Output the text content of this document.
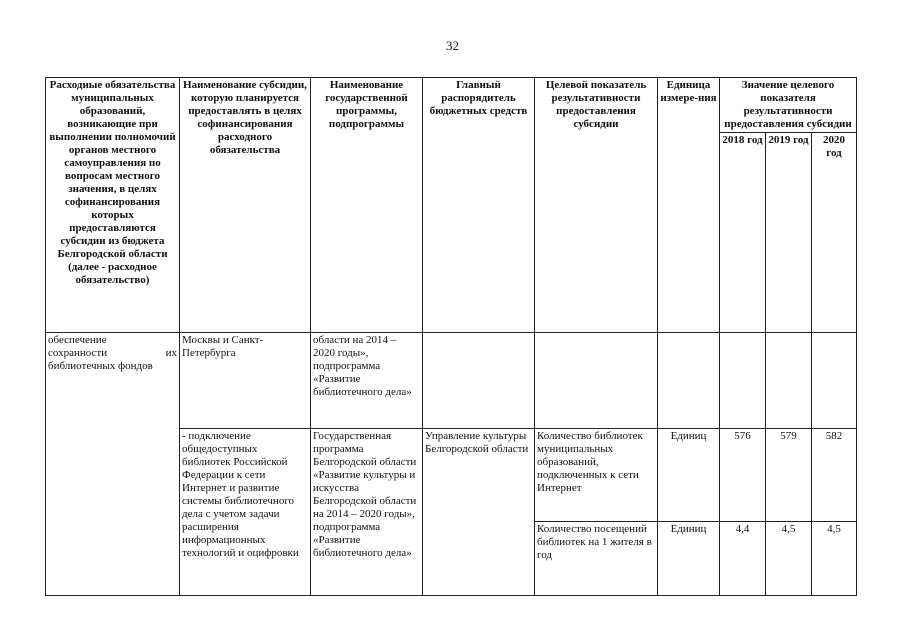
32
Расходные обязательства муниципальных образований, возникающие при выполнении полномочий органов местного самоуправления по вопросам местного значения, в целях софинансирования которых предоставляются субсидии из бюджета Белгородской области (далее - расходное обязательство)	Наименование субсидии, которую планируется предоставлять в целях софинансирования расходного обязательства	Наименование государственной программы, подпрограммы	Главный распорядитель бюджетных средств	Целевой показатель результативности предоставления субсидии	Единица измере-ния	Значение целевого показателя результативности предоставления субсидии		
						2018 год	2019 год	2020 год

обеспечение
сохранности их
библиотечных фондов	Москвы и Санкт-Петербурга	области на 2014 – 2020 годы», подпрограмма «Развитие библиотечного дела»						
	- подключение общедоступных библиотек Российской Федерации к сети Интернет и развитие системы библиотечного дела с учетом задачи расширения информационных технологий и оцифровки	Государственная программа Белгородской области «Развитие культуры и искусства Белгородской области на 2014 – 2020 годы», подпрограмма «Развитие библиотечного дела»	Управление культуры Белгородской области	Количество библиотек муниципальных образований, подключенных к сети Интернет	Единиц	576	579	582
				Количество посещений библиотек на 1 жителя в год	Единиц	4,4	4,5	4,5
